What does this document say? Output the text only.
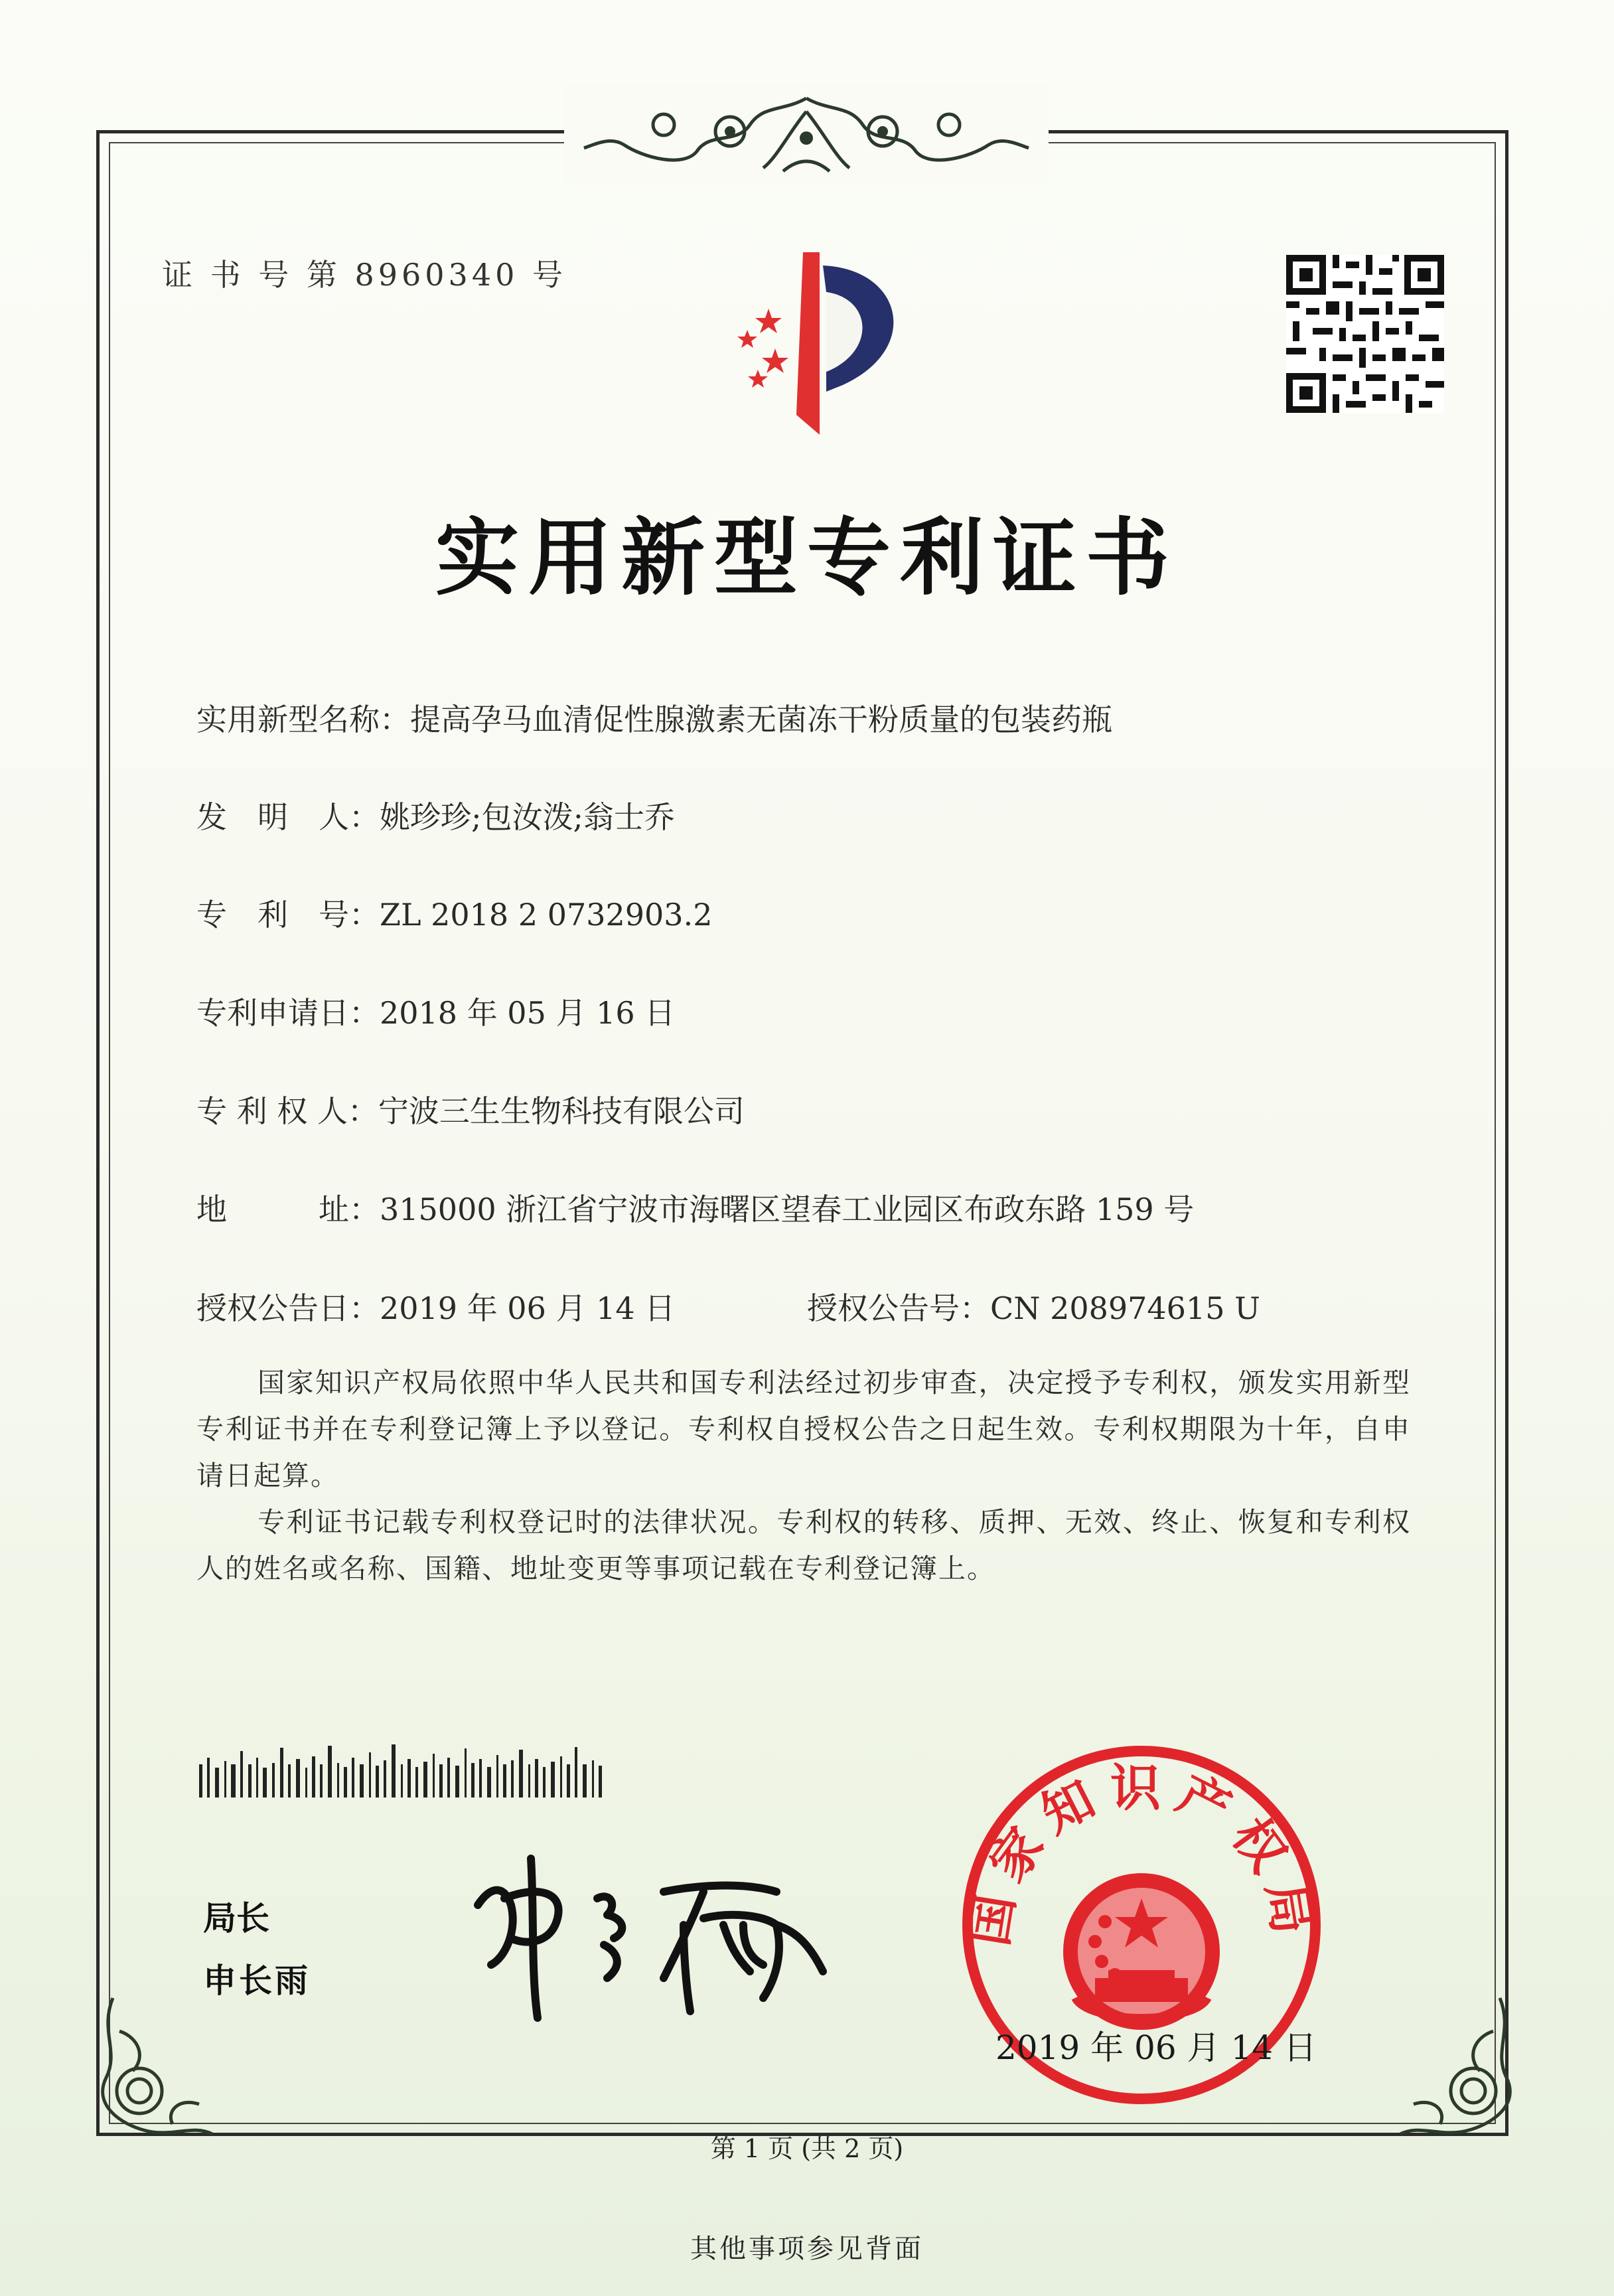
证 书 号 第 8960340 号
实用新型专利证书
实用新型名称：提高孕马血清促性腺激素无菌冻干粉质量的包装药瓶
发　明　人：姚珍珍;包汝泼;翁士乔
专　利　号：ZL 2018 2 0732903.2
专利申请日：2018 年 05 月 16 日
专 利 权 人：宁波三生生物科技有限公司
地　　　址：315000 浙江省宁波市海曙区望春工业园区布政东路 159 号
授权公告日：2019 年 06 月 14 日	授权公告号：CN 208974615 U

国家知识产权局依照中华人民共和国专利法经过初步审查，决定授予专利权，颁发实用新型专利证书并在专利登记簿上予以登记。专利权自授权公告之日起生效。专利权期限为十年，自申请日起算。

专利证书记载专利权登记时的法律状况。专利权的转移、质押、无效、终止、恢复和专利权人的姓名或名称、国籍、地址变更等事项记载在专利登记簿上。

局长
申长雨
国家知识产权局
2019 年 06 月 14 日
第 1 页 (共 2 页)
其他事项参见背面
